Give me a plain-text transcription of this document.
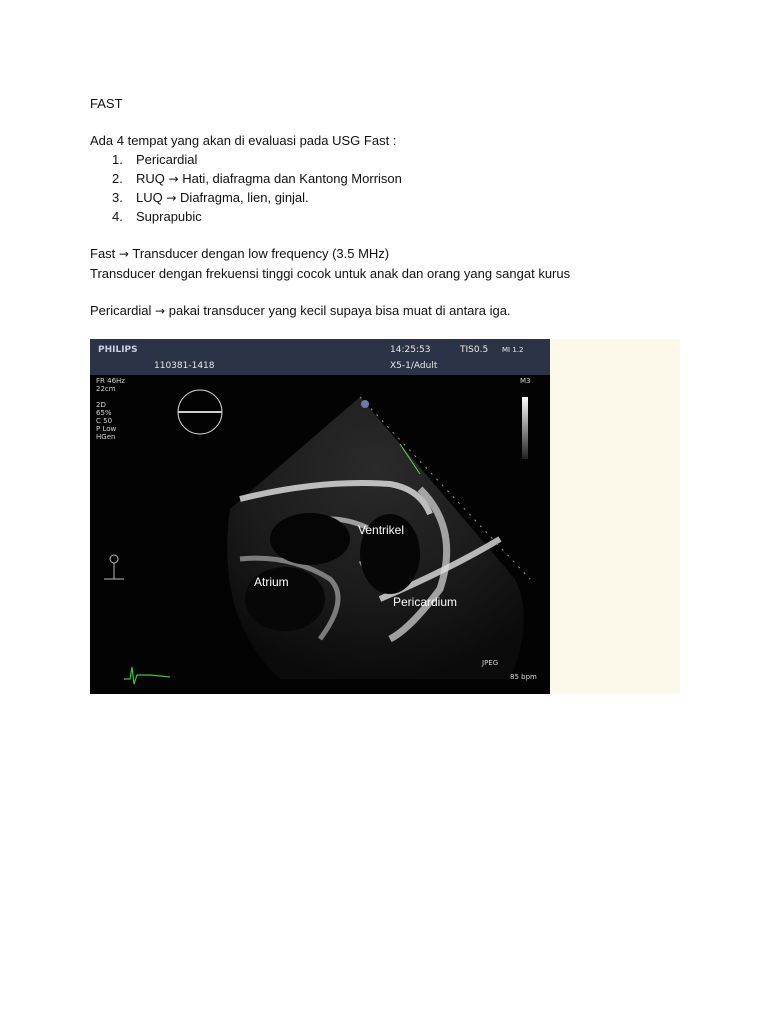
FAST
Ada 4 tempat yang akan di evaluasi pada USG Fast :
1. Pericardial
2. RUQ → Hati, diafragma dan Kantong Morrison
3. LUQ → Diafragma, lien, ginjal.
4. Suprapubic
Fast → Transducer dengan low frequency (3.5 MHz)
Transducer dengan frekuensi tinggi cocok untuk anak dan orang yang sangat kurus
Pericardial → pakai transducer yang kecil supaya bisa muat di antara iga.
PHILIPS
110381-1418
14:25:53	TIS0.5 MI 1.2
X5-1/Adult
FR 46Hz
22cm

2D
65%
C 50
P Low
HGen
M3
JPEG
85 bpm
Ventrikel
Atrium
Pericardium
